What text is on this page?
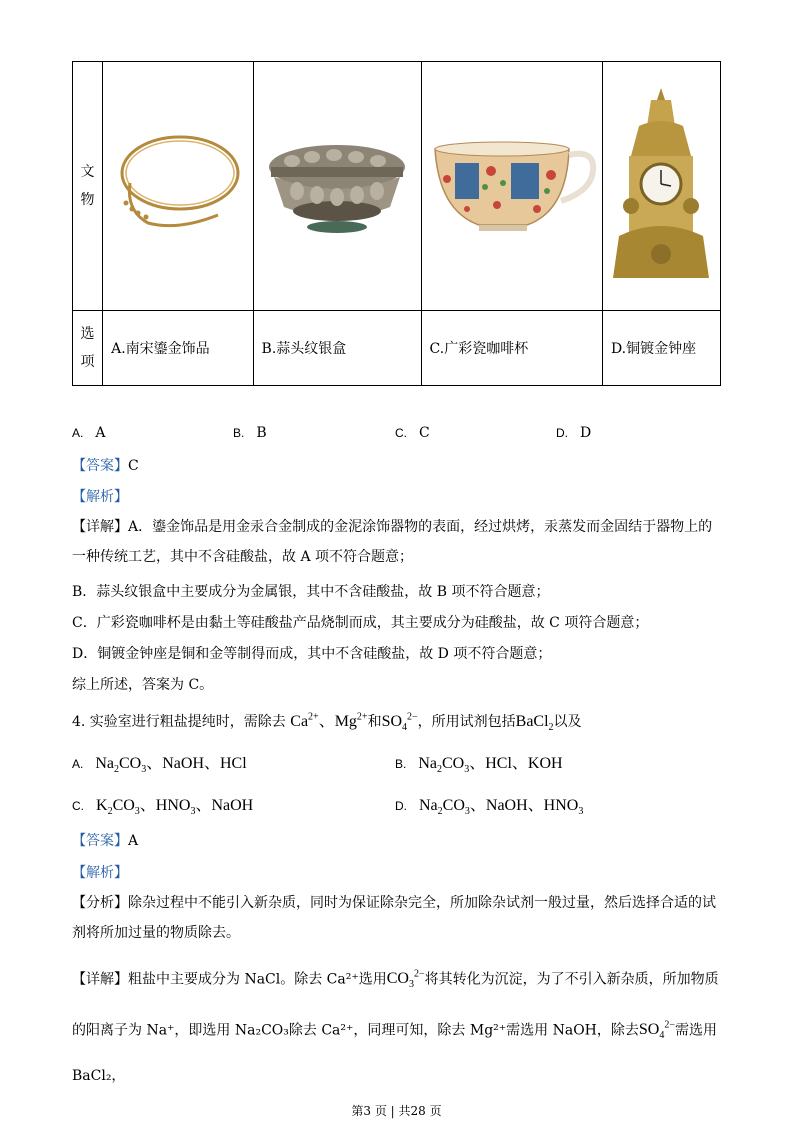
文
物	

选
项	A.南宋鎏金饰品	B.蒜头纹银盒	C.广彩瓷咖啡杯	D.铜镀金钟座
A. A	B. B	C. C	D. D
【答案】C
【解析】
【详解】A．鎏金饰品是用金汞合金制成的金泥涂饰器物的表面，经过烘烤，汞蒸发而金固结于器物上的一种传统工艺，其中不含硅酸盐，故 A 项不符合题意；
B．蒜头纹银盒中主要成分为金属银，其中不含硅酸盐，故 B 项不符合题意；
C．广彩瓷咖啡杯是由黏土等硅酸盐产品烧制而成，其主要成分为硅酸盐，故 C 项符合题意；
D．铜镀金钟座是铜和金等制得而成，其中不含硅酸盐，故 D 项不符合题意；
综上所述，答案为 C。
4. 实验室进行粗盐提纯时，需除去 $Ca^{2+}$、$Mg^{2+}$和$SO_4^{2-}$，所用试剂包括BaCl$_2$以及
A. $Na_2CO_3$、NaOH、HCl	B. $Na_2CO_3$、HCl、KOH
C. $K_2CO_3$、$HNO_3$、NaOH	D. $Na_2CO_3$、NaOH、$HNO_3$
【答案】A
【解析】
【分析】除杂过程中不能引入新杂质，同时为保证除杂完全，所加除杂试剂一般过量，然后选择合适的试剂将所加过量的物质除去。
【详解】粗盐中主要成分为 NaCl。除去 Ca²⁺选用$CO_3^{2-}$将其转化为沉淀，为了不引入新杂质，所加物质的阳离子为 Na⁺，即选用 Na₂CO₃除去 Ca²⁺，同理可知，除去 Mg²⁺需选用 NaOH，除去$SO_4^{2-}$需选用 BaCl₂，
第3 页 | 共28 页
